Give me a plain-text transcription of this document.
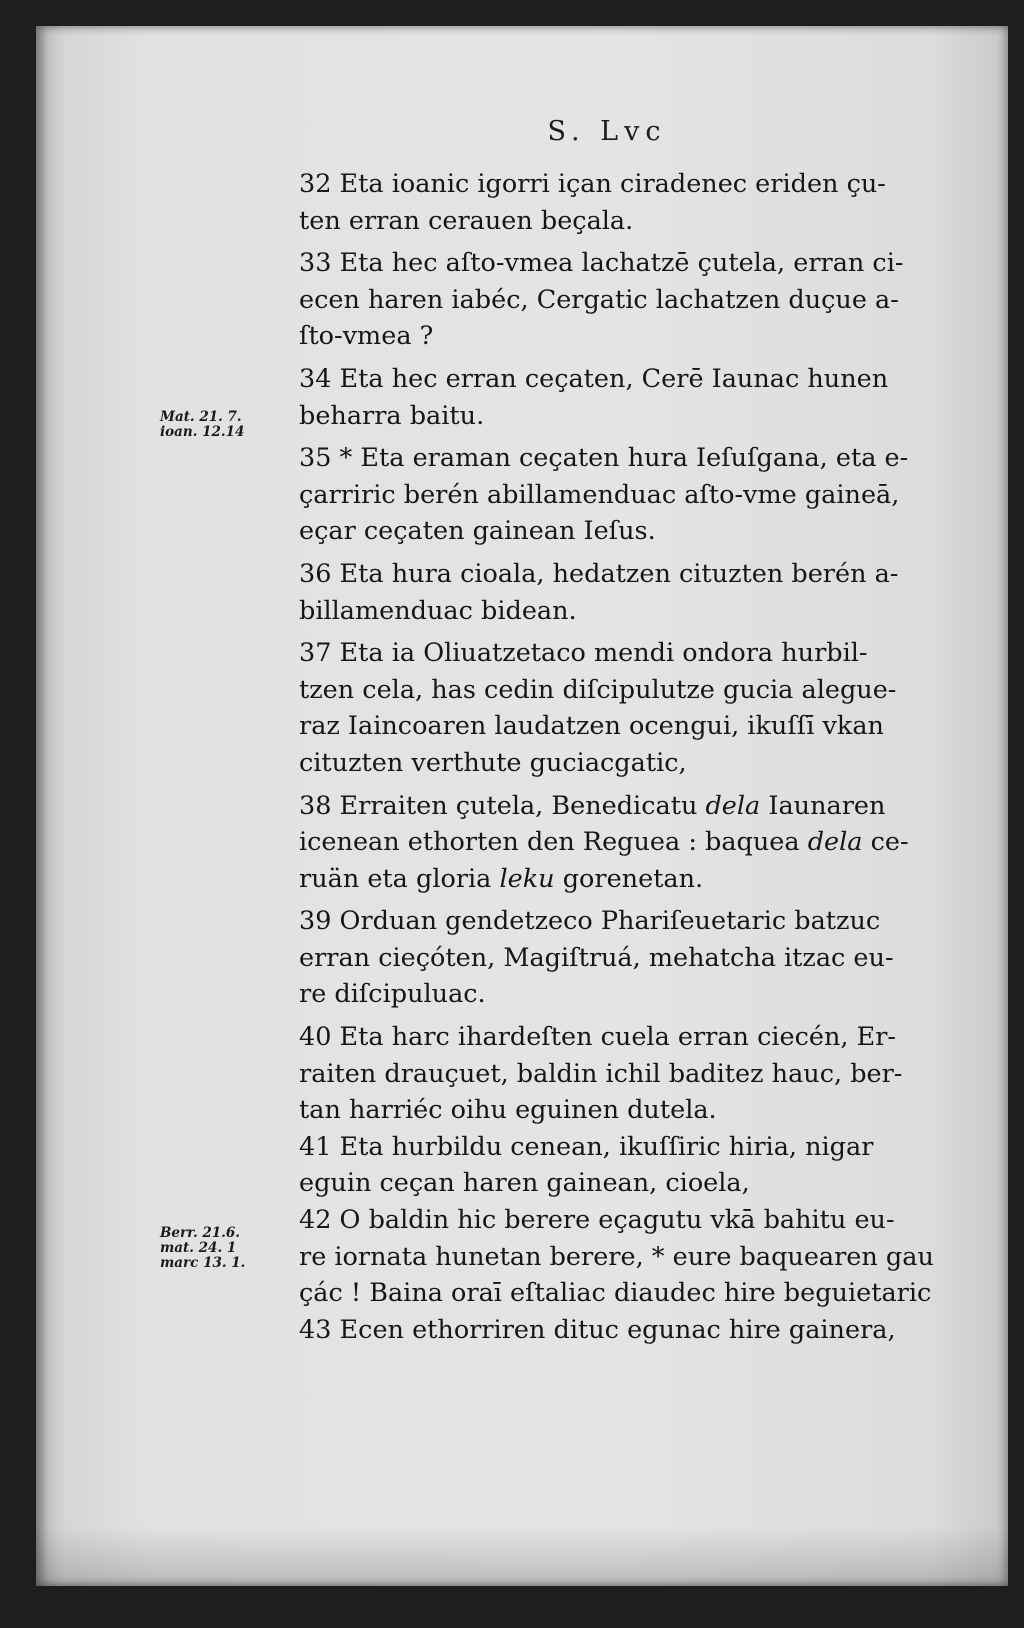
S. Lvc
Mat. 21. 7.
ioan. 12.14
Berr. 21.6.
mat. 24. 1
marc 13. 1.
32 Eta ioanic igorri içan ciradenec eriden çu-
ten erran cerauen beçala.
33 Eta hec aſto-vmea lachatzē çutela, erran ci-
ecen haren iabéc, Cergatic lachatzen duçue a-
ſto-vmea ?
34 Eta hec erran ceçaten, Cerē Iaunac hunen
beharra baitu.
35 * Eta eraman ceçaten hura Ieſuſgana, eta e-
çarriric berén abillamenduac aſto-vme gaineā,
eçar ceçaten gainean Ieſus.
36 Eta hura cioala, hedatzen cituzten berén a-
billamenduac bidean.
37 Eta ia Oliuatzetaco mendi ondora hurbil-
tzen cela, has cedin diſcipulutze gucia alegue-
raz Iaincoaren laudatzen ocengui, ikuſſī vkan
cituzten verthute guciacgatic,
38 Erraiten çutela, Benedicatu dela Iaunaren
icenean ethorten den Reguea : baquea dela ce-
ruän eta gloria leku gorenetan.
39 Orduan gendetzeco Phariſeuetaric batzuc
erran cieçóten, Magiſtruá, mehatcha itzac eu-
re diſcipuluac.
40 Eta harc ihardeſten cuela erran ciecén, Er-
raiten drauçuet, baldin ichil baditez hauc, ber-
tan harriéc oihu eguinen dutela.
41 Eta hurbildu cenean, ikuſſiric hiria, nigar
eguin ceçan haren gainean, cioela,
42 O baldin hic berere eçagutu vkā bahitu eu-
re iornata hunetan berere, * eure baquearen gau
çác ! Baina oraī eſtaliac diaudec hire beguietaric
43 Ecen ethorriren dituc egunac hire gainera,
